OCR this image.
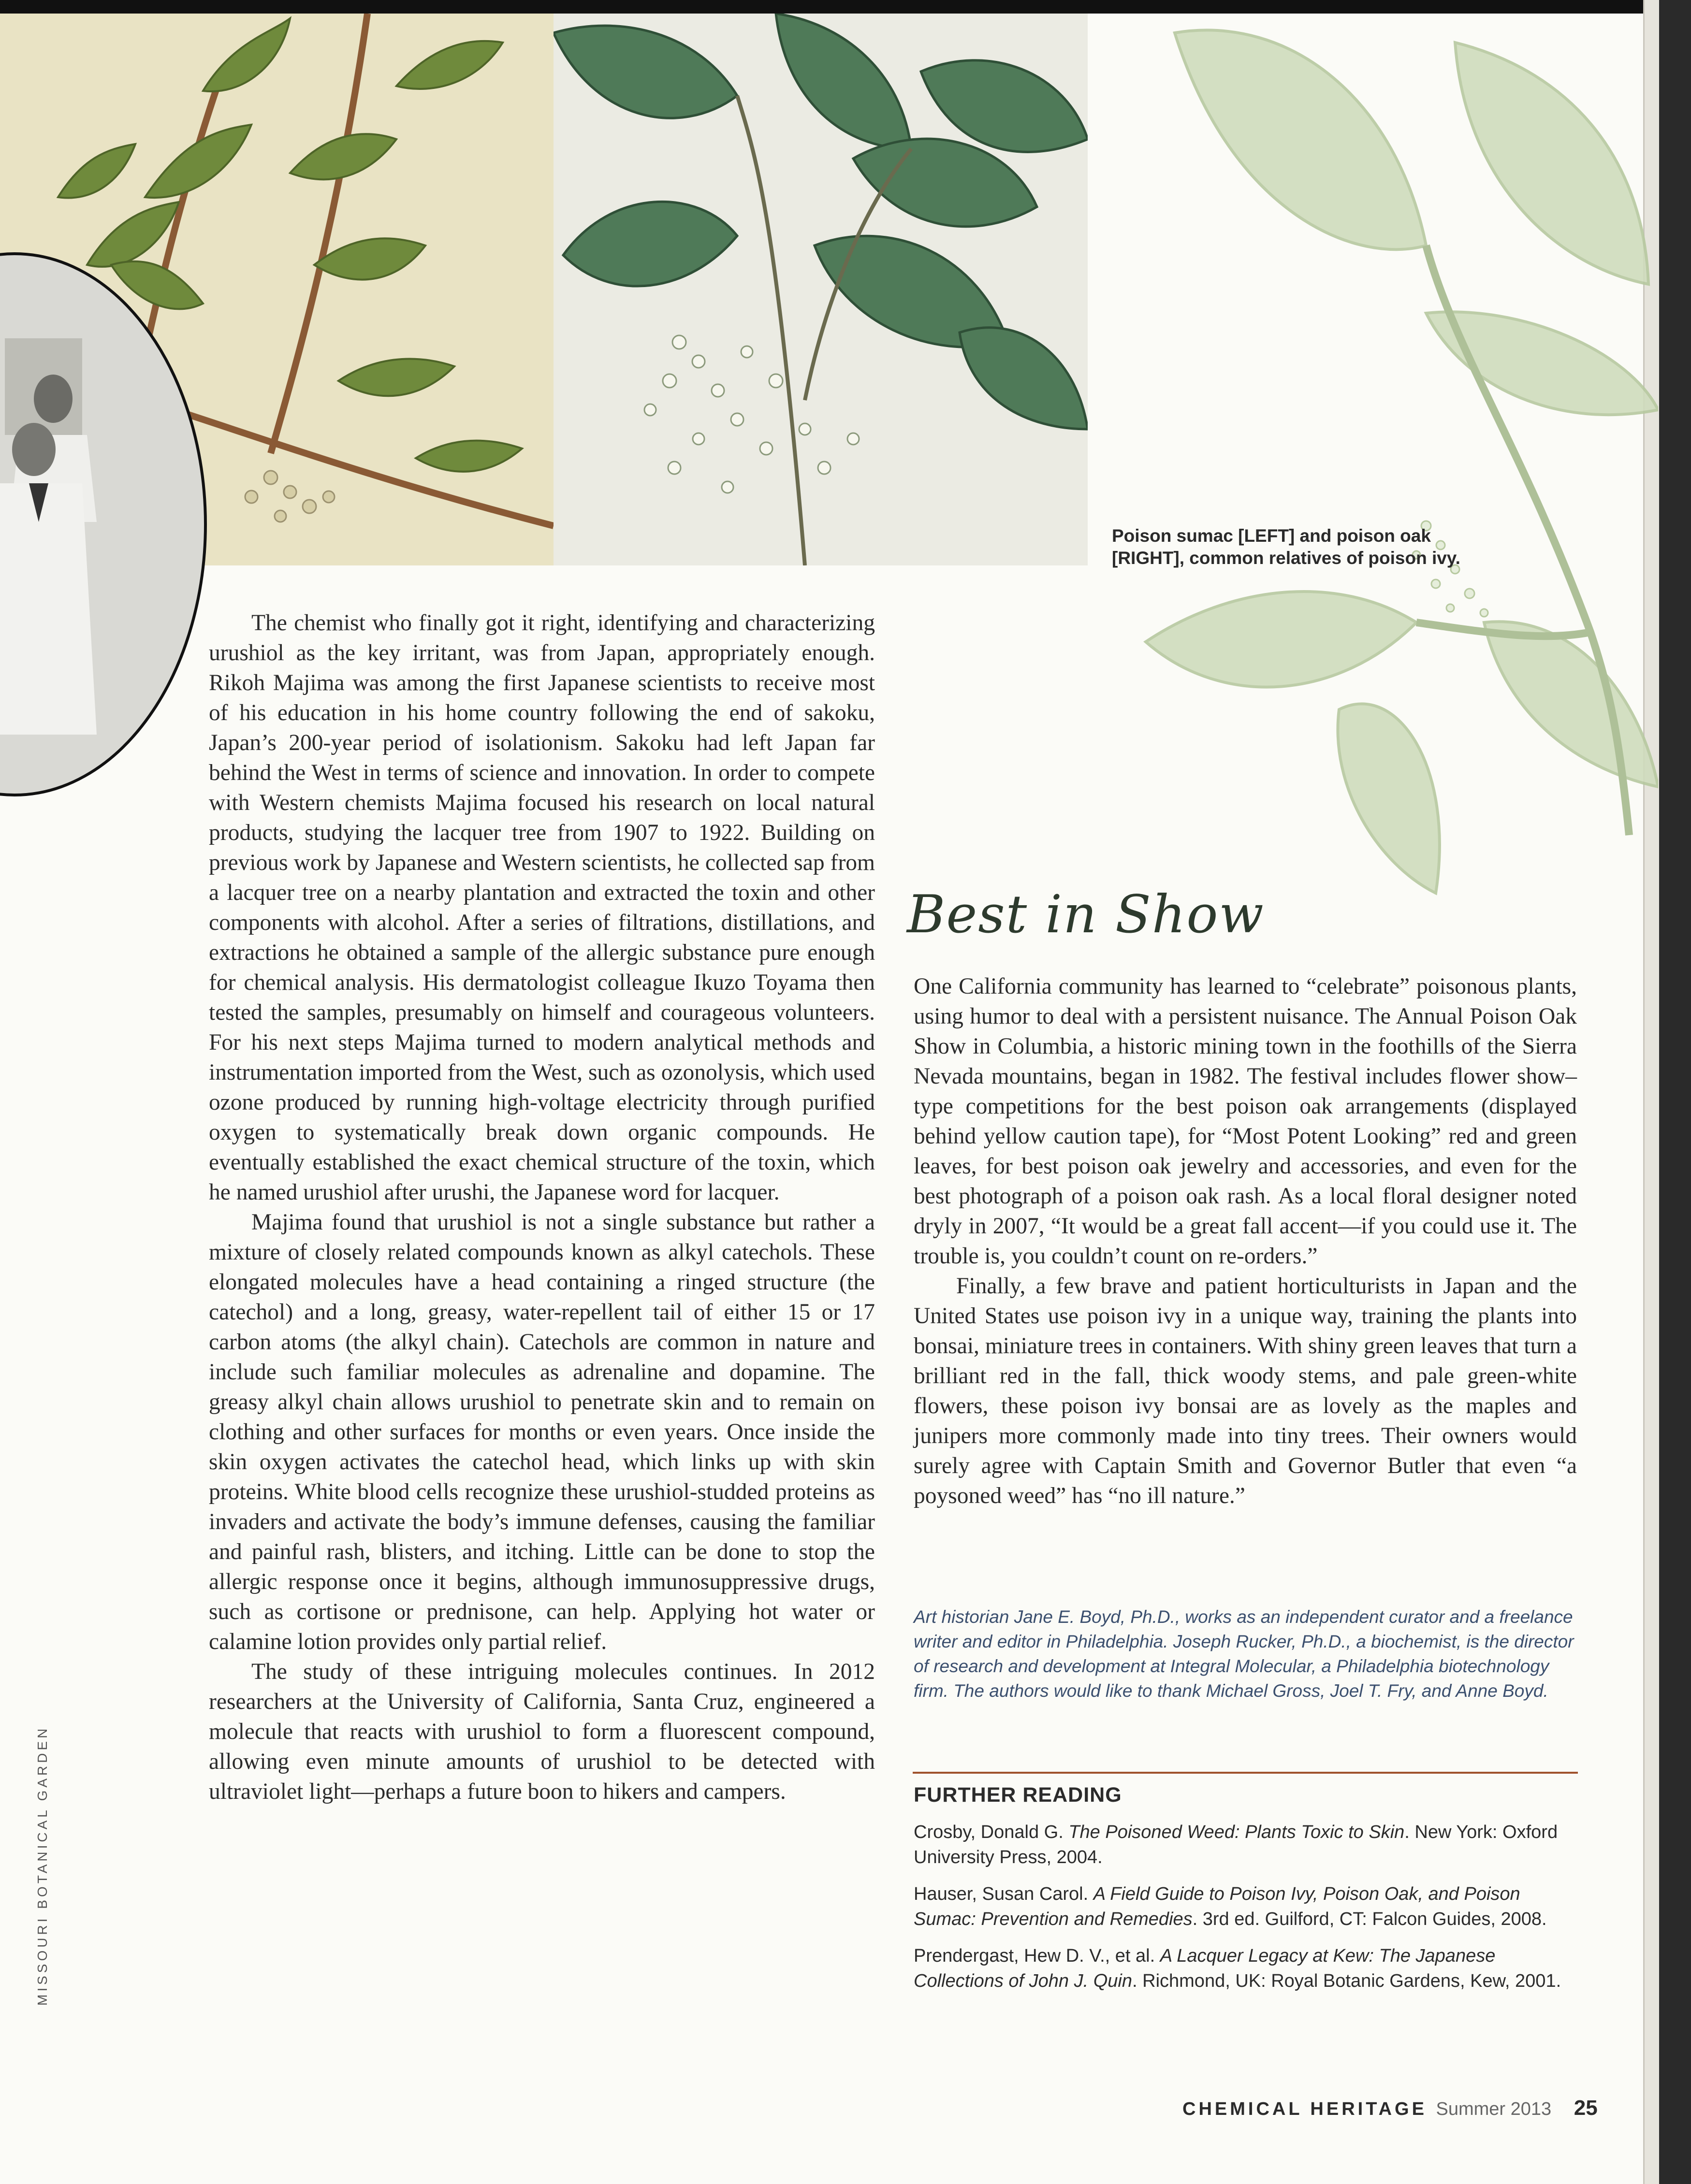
Poison sumac [LEFT] and poison oak [RIGHT], common relatives of poison ivy.

The chemist who finally got it right, identifying and characterizing urushiol as the key irritant, was from Japan, appropriately enough. Rikoh Majima was among the first Japanese scientists to receive most of his education in his home country following the end of sakoku, Japan’s 200-year period of isolationism. Sakoku had left Japan far behind the West in terms of science and innovation. In order to compete with Western chemists Majima focused his research on local natural products, studying the lacquer tree from 1907 to 1922. Building on previous work by Japanese and Western scientists, he collected sap from a lacquer tree on a nearby plantation and extracted the toxin and other components with alcohol. After a series of filtrations, distillations, and extractions he obtained a sample of the allergic substance pure enough for chemical analysis. His dermatologist colleague Ikuzo Toyama then tested the samples, presumably on himself and courageous volunteers. For his next steps Majima turned to modern analytical methods and instrumentation imported from the West, such as ozonolysis, which used ozone produced by running high-voltage electricity through purified oxygen to systematically break down organic compounds. He eventually established the exact chemical structure of the toxin, which he named urushiol after urushi, the Japanese word for lacquer.

Majima found that urushiol is not a single substance but rather a mixture of closely related compounds known as alkyl catechols. These elongated molecules have a head containing a ringed structure (the catechol) and a long, greasy, water-repellent tail of either 15 or 17 carbon atoms (the alkyl chain). Catechols are common in nature and include such familiar molecules as adrenaline and dopamine. The greasy alkyl chain allows urushiol to penetrate skin and to remain on clothing and other surfaces for months or even years. Once inside the skin oxygen activates the catechol head, which links up with skin proteins. White blood cells recognize these urushiol-studded proteins as invaders and activate the body’s immune defenses, causing the familiar and painful rash, blisters, and itching. Little can be done to stop the allergic response once it begins, although immunosuppressive drugs, such as cortisone or prednisone, can help. Applying hot water or calamine lotion provides only partial relief.

The study of these intriguing molecules continues. In 2012 researchers at the University of California, Santa Cruz, engineered a molecule that reacts with urushiol to form a fluorescent compound, allowing even minute amounts of urushiol to be detected with ultraviolet light—perhaps a future boon to hikers and campers.

Best in Show

One California community has learned to “celebrate” poisonous plants, using humor to deal with a persistent nuisance. The Annual Poison Oak Show in Columbia, a historic mining town in the foothills of the Sierra Nevada mountains, began in 1982. The festival includes flower show–type competitions for the best poison oak arrangements (displayed behind yellow caution tape), for “Most Potent Looking” red and green leaves, for best poison oak jewelry and accessories, and even for the best photograph of a poison oak rash. As a local floral designer noted dryly in 2007, “It would be a great fall accent—if you could use it. The trouble is, you couldn’t count on re-orders.”

Finally, a few brave and patient horticulturists in Japan and the United States use poison ivy in a unique way, training the plants into bonsai, miniature trees in containers. With shiny green leaves that turn a brilliant red in the fall, thick woody stems, and pale green-white flowers, these poison ivy bonsai are as lovely as the maples and junipers more commonly made into tiny trees. Their owners would surely agree with Captain Smith and Governor Butler that even “a poysoned weed” has “no ill nature.”

Art historian Jane E. Boyd, Ph.D., works as an independent curator and a freelance writer and editor in Philadelphia. Joseph Rucker, Ph.D., a biochemist, is the director of research and development at Integral Molecular, a Philadelphia biotechnology firm. The authors would like to thank Michael Gross, Joel T. Fry, and Anne Boyd.
FURTHER READING

Crosby, Donald G. The Poisoned Weed: Plants Toxic to Skin. New York: Oxford University Press, 2004.

Hauser, Susan Carol. A Field Guide to Poison Ivy, Poison Oak, and Poison Sumac: Prevention and Remedies. 3rd ed. Guilford, CT: Falcon Guides, 2008.

Prendergast, Hew D. V., et al. A Lacquer Legacy at Kew: The Japanese Collections of John J. Quin. Richmond, UK: Royal Botanic Gardens, Kew, 2001.

MISSOURI BOTANICAL GARDEN
CHEMICAL HERITAGE Summer 2013 25
